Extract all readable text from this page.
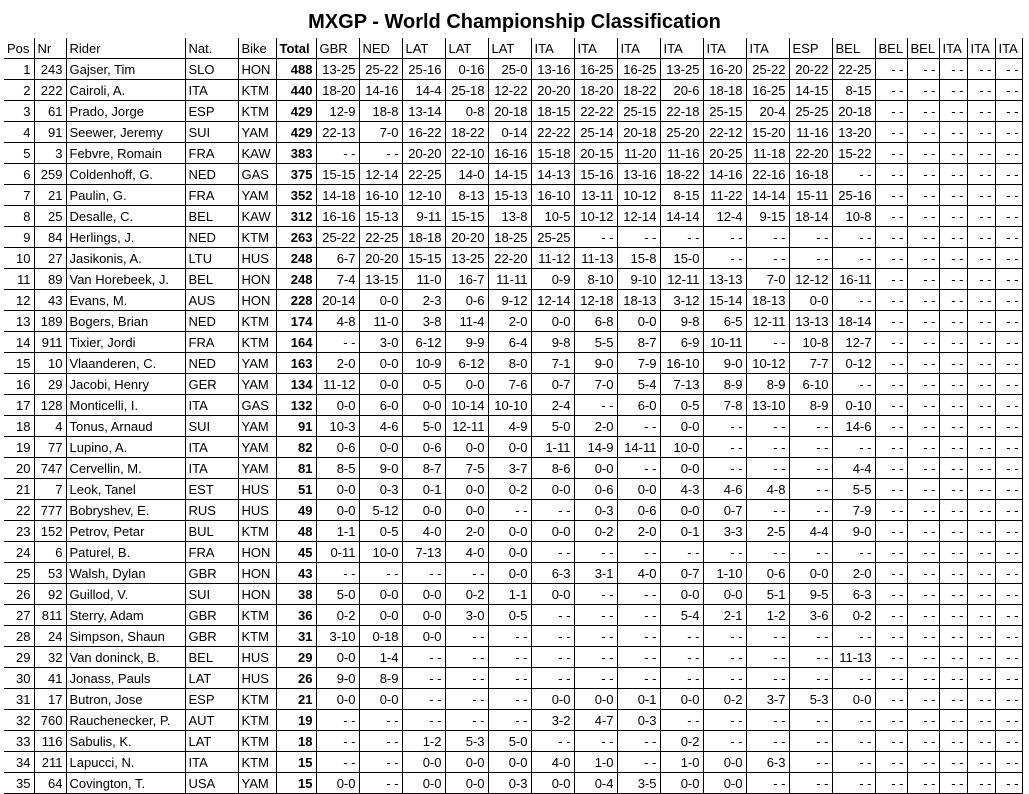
MXGP - World Championship Classification
Pos	Nr	Rider	Nat.	Bike	Total	GBR	NED	LAT	LAT	LAT	ITA	ITA	ITA	ITA	ITA	ITA	ESP	BEL	BEL	BEL	ITA	ITA	ITA
1	243	Gajser, Tim	SLO	HON	488	13-25	25-22	25-16	0-16	25-0	13-16	16-25	16-25	13-25	16-20	25-22	20-22	22-25	- -	- -	- -	- -	- -
2	222	Cairoli, A.	ITA	KTM	440	18-20	14-16	14-4	25-18	12-22	20-20	18-20	18-22	20-6	18-18	16-25	14-15	8-15	- -	- -	- -	- -	- -
3	61	Prado, Jorge	ESP	KTM	429	12-9	18-8	13-14	0-8	20-18	18-15	22-22	25-15	22-18	25-15	20-4	25-25	20-18	- -	- -	- -	- -	- -
4	91	Seewer, Jeremy	SUI	YAM	429	22-13	7-0	16-22	18-22	0-14	22-22	25-14	20-18	25-20	22-12	15-20	11-16	13-20	- -	- -	- -	- -	- -
5	3	Febvre, Romain	FRA	KAW	383	- -	- -	20-20	22-10	16-16	15-18	20-15	11-20	11-16	20-25	11-18	22-20	15-22	- -	- -	- -	- -	- -
6	259	Coldenhoff, G.	NED	GAS	375	15-15	12-14	22-25	14-0	14-15	14-13	15-16	13-16	18-22	14-16	22-16	16-18	- -	- -	- -	- -	- -	- -
7	21	Paulin, G.	FRA	YAM	352	14-18	16-10	12-10	8-13	15-13	16-10	13-11	10-12	8-15	11-22	14-14	15-11	25-16	- -	- -	- -	- -	- -
8	25	Desalle, C.	BEL	KAW	312	16-16	15-13	9-11	15-15	13-8	10-5	10-12	12-14	14-14	12-4	9-15	18-14	10-8	- -	- -	- -	- -	- -
9	84	Herlings, J.	NED	KTM	263	25-22	22-25	18-18	20-20	18-25	25-25	- -	- -	- -	- -	- -	- -	- -	- -	- -	- -	- -	- -
10	27	Jasikonis, A.	LTU	HUS	248	6-7	20-20	15-15	13-25	22-20	11-12	11-13	15-8	15-0	- -	- -	- -	- -	- -	- -	- -	- -	- -
11	89	Van Horebeek, J.	BEL	HON	248	7-4	13-15	11-0	16-7	11-11	0-9	8-10	9-10	12-11	13-13	7-0	12-12	16-11	- -	- -	- -	- -	- -
12	43	Evans, M.	AUS	HON	228	20-14	0-0	2-3	0-6	9-12	12-14	12-18	18-13	3-12	15-14	18-13	0-0	- -	- -	- -	- -	- -	- -
13	189	Bogers, Brian	NED	KTM	174	4-8	11-0	3-8	11-4	2-0	0-0	6-8	0-0	9-8	6-5	12-11	13-13	18-14	- -	- -	- -	- -	- -
14	911	Tixier, Jordi	FRA	KTM	164	- -	3-0	6-12	9-9	6-4	9-8	5-5	8-7	6-9	10-11	- -	10-8	12-7	- -	- -	- -	- -	- -
15	10	Vlaanderen, C.	NED	YAM	163	2-0	0-0	10-9	6-12	8-0	7-1	9-0	7-9	16-10	9-0	10-12	7-7	0-12	- -	- -	- -	- -	- -
16	29	Jacobi, Henry	GER	YAM	134	11-12	0-0	0-5	0-0	7-6	0-7	7-0	5-4	7-13	8-9	8-9	6-10	- -	- -	- -	- -	- -	- -
17	128	Monticelli, I.	ITA	GAS	132	0-0	6-0	0-0	10-14	10-10	2-4	- -	6-0	0-5	7-8	13-10	8-9	0-10	- -	- -	- -	- -	- -
18	4	Tonus, Arnaud	SUI	YAM	91	10-3	4-6	5-0	12-11	4-9	5-0	2-0	- -	0-0	- -	- -	- -	14-6	- -	- -	- -	- -	- -
19	77	Lupino, A.	ITA	YAM	82	0-6	0-0	0-6	0-0	0-0	1-11	14-9	14-11	10-0	- -	- -	- -	- -	- -	- -	- -	- -	- -
20	747	Cervellin, M.	ITA	YAM	81	8-5	9-0	8-7	7-5	3-7	8-6	0-0	- -	0-0	- -	- -	- -	4-4	- -	- -	- -	- -	- -
21	7	Leok, Tanel	EST	HUS	51	0-0	0-3	0-1	0-0	0-2	0-0	0-6	0-0	4-3	4-6	4-8	- -	5-5	- -	- -	- -	- -	- -
22	777	Bobryshev, E.	RUS	HUS	49	0-0	5-12	0-0	0-0	- -	- -	0-3	0-6	0-0	0-7	- -	- -	7-9	- -	- -	- -	- -	- -
23	152	Petrov, Petar	BUL	KTM	48	1-1	0-5	4-0	2-0	0-0	0-0	0-2	2-0	0-1	3-3	2-5	4-4	9-0	- -	- -	- -	- -	- -
24	6	Paturel, B.	FRA	HON	45	0-11	10-0	7-13	4-0	0-0	- -	- -	- -	- -	- -	- -	- -	- -	- -	- -	- -	- -	- -
25	53	Walsh, Dylan	GBR	HON	43	- -	- -	- -	- -	0-0	6-3	3-1	4-0	0-7	1-10	0-6	0-0	2-0	- -	- -	- -	- -	- -
26	92	Guillod, V.	SUI	HON	38	5-0	0-0	0-0	0-2	1-1	0-0	- -	- -	0-0	0-0	5-1	9-5	6-3	- -	- -	- -	- -	- -
27	811	Sterry, Adam	GBR	KTM	36	0-2	0-0	0-0	3-0	0-5	- -	- -	- -	5-4	2-1	1-2	3-6	0-2	- -	- -	- -	- -	- -
28	24	Simpson, Shaun	GBR	KTM	31	3-10	0-18	0-0	- -	- -	- -	- -	- -	- -	- -	- -	- -	- -	- -	- -	- -	- -	- -
29	32	Van doninck, B.	BEL	HUS	29	0-0	1-4	- -	- -	- -	- -	- -	- -	- -	- -	- -	- -	11-13	- -	- -	- -	- -	- -
30	41	Jonass, Pauls	LAT	HUS	26	9-0	8-9	- -	- -	- -	- -	- -	- -	- -	- -	- -	- -	- -	- -	- -	- -	- -	- -
31	17	Butron, Jose	ESP	KTM	21	0-0	0-0	- -	- -	- -	0-0	0-0	0-1	0-0	0-2	3-7	5-3	0-0	- -	- -	- -	- -	- -
32	760	Rauchenecker, P.	AUT	KTM	19	- -	- -	- -	- -	- -	3-2	4-7	0-3	- -	- -	- -	- -	- -	- -	- -	- -	- -	- -
33	116	Sabulis, K.	LAT	KTM	18	- -	- -	1-2	5-3	5-0	- -	- -	- -	0-2	- -	- -	- -	- -	- -	- -	- -	- -	- -
34	211	Lapucci, N.	ITA	KTM	15	- -	- -	0-0	0-0	0-0	4-0	1-0	- -	1-0	0-0	6-3	- -	- -	- -	- -	- -	- -	- -
35	64	Covington, T.	USA	YAM	15	0-0	- -	0-0	0-0	0-3	0-0	0-4	3-5	0-0	0-0	- -	- -	- -	- -	- -	- -	- -	- -
